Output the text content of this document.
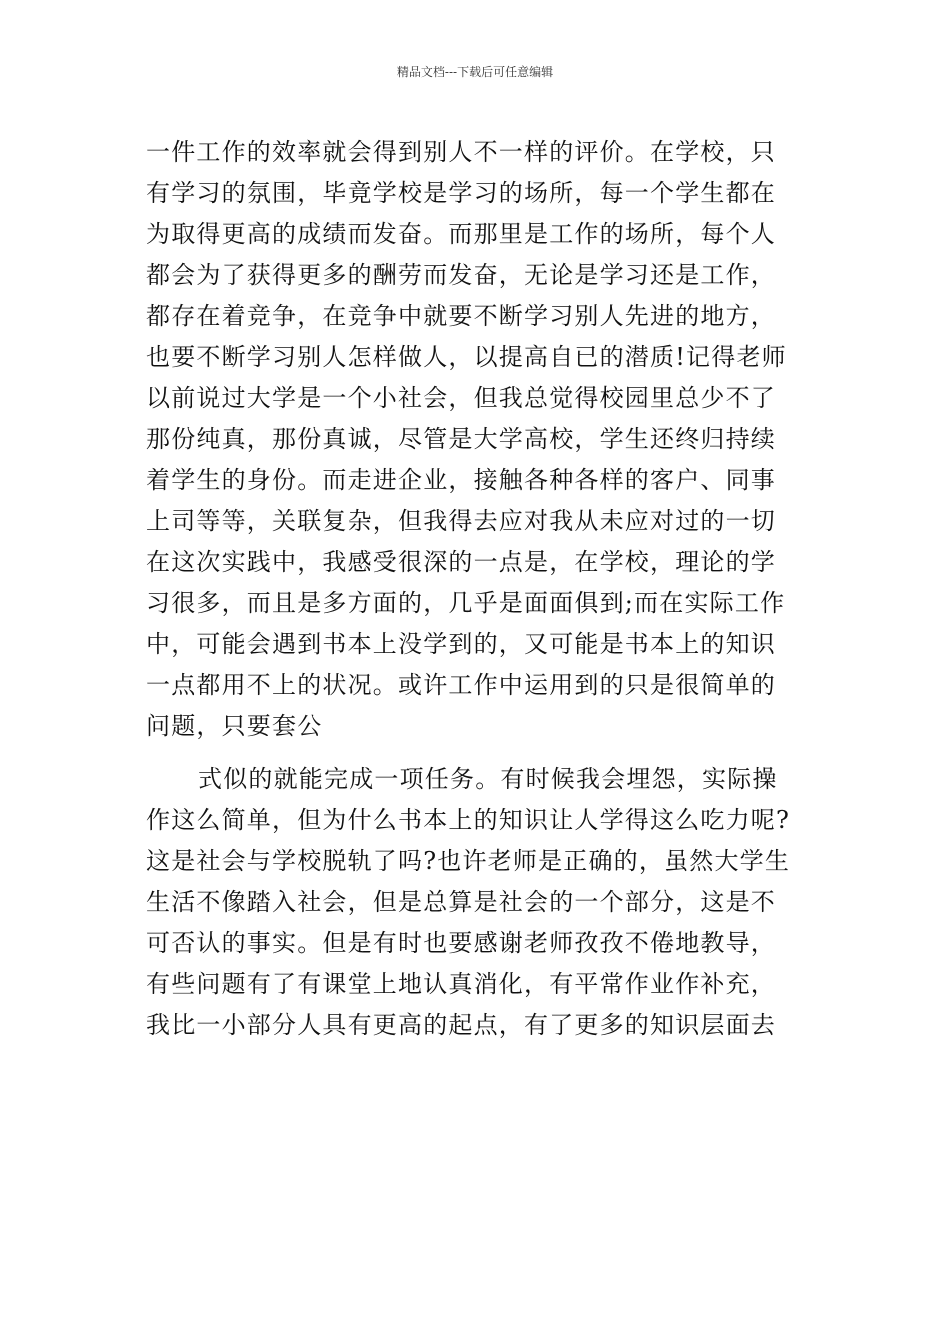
精品文档---下载后可任意编辑
一件工作的效率就会得到别人不一样的评价。在学校，只
有学习的氛围，毕竟学校是学习的场所，每一个学生都在
为取得更高的成绩而发奋。而那里是工作的场所，每个人
都会为了获得更多的酬劳而发奋，无论是学习还是工作，
都存在着竞争，在竞争中就要不断学习别人先进的地方，
也要不断学习别人怎样做人，以提高自已的潜质!记得老师
以前说过大学是一个小社会，但我总觉得校园里总少不了
那份纯真，那份真诚，尽管是大学高校，学生还终归持续
着学生的身份。而走进企业，接触各种各样的客户、同事
上司等等，关联复杂，但我得去应对我从未应对过的一切
在这次实践中，我感受很深的一点是，在学校，理论的学
习很多，而且是多方面的，几乎是面面俱到;而在实际工作
中，可能会遇到书本上没学到的，又可能是书本上的知识
一点都用不上的状况。或许工作中运用到的只是很简单的
问题，只要套公
式似的就能完成一项任务。有时候我会埋怨，实际操
作这么简单，但为什么书本上的知识让人学得这么吃力呢?
这是社会与学校脱轨了吗?也许老师是正确的，虽然大学生
生活不像踏入社会，但是总算是社会的一个部分，这是不
可否认的事实。但是有时也要感谢老师孜孜不倦地教导，
有些问题有了有课堂上地认真消化，有平常作业作补充，
我比一小部分人具有更高的起点，有了更多的知识层面去
